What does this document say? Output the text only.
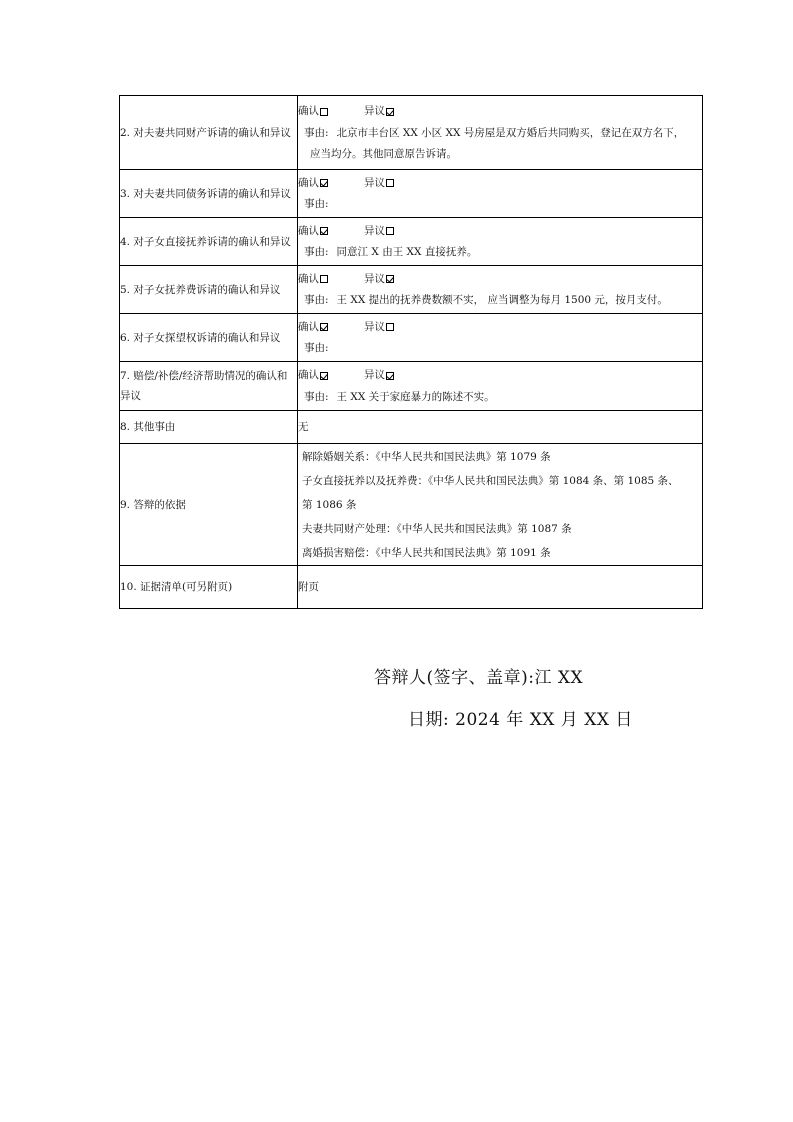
2. 对夫妻共同财产诉请的确认和异议	确认 异议
事由: 北京市丰台区 XX 小区 XX 号房屋是双方婚后共同购买，登记在双方名下，
应当均分。其他同意原告诉请。

3. 对夫妻共同债务诉请的确认和异议	确认 异议
事由:

4. 对子女直接抚养诉请的确认和异议	确认 异议
事由: 同意江 X 由王 XX 直接抚养。

5. 对子女抚养费诉请的确认和异议	确认 异议
事由: 王 XX 提出的抚养费数额不实， 应当调整为每月 1500 元，按月支付。

6. 对子女探望权诉请的确认和异议	确认 异议
事由:

7. 赔偿/补偿/经济帮助情况的确认和异议	确认 异议
事由: 王 XX 关于家庭暴力的陈述不实。

8. 其他事由	无
9. 答辩的依据	解除婚姻关系：《中华人民共和国民法典》第 1079 条
子女直接抚养以及抚养费：《中华人民共和国民法典》第 1084 条、第 1085 条、
第 1086 条
夫妻共同财产处理：《中华人民共和国民法典》第 1087 条
离婚损害赔偿：《中华人民共和国民法典》第 1091 条

10. 证据清单(可另附页)	附页
答辩人(签字、盖章):江 XX
日期: 2024 年 XX 月 XX 日
